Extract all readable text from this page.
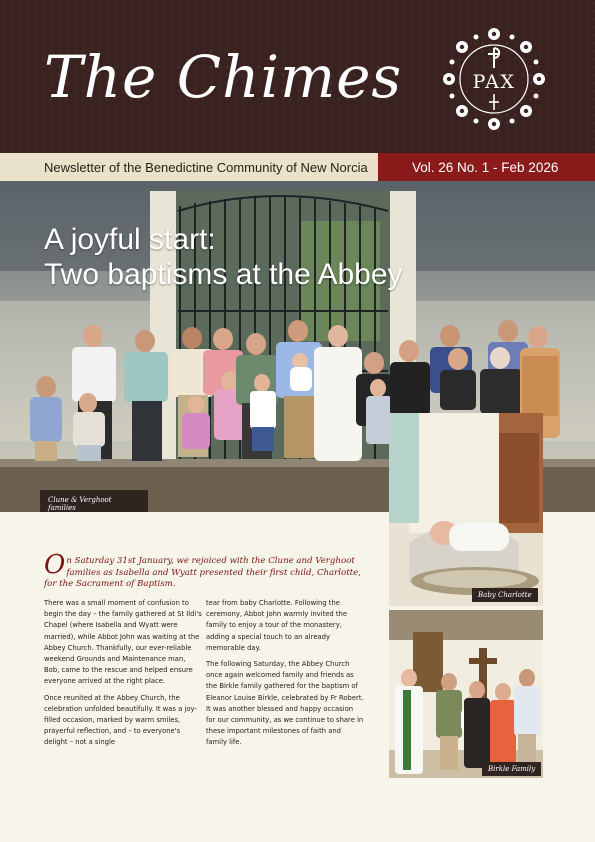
The Chimes	PAX
Newsletter of the Benedictine Community of New Norcia	Vol. 26 No. 1 - Feb 2026
A joyful start:
Two baptisms at the Abbey
Clune & Verghoot families
Baby Charlotte
Birkle Family

On Saturday 31st January, we rejoiced with the Clune and Verghoot families as Isabella and Wyatt presented their first child, Charlotte, for the Sacrament of Baptism.

There was a small moment of confusion to begin the day – the family gathered at St Ildi's Chapel (where Isabella and Wyatt were married), while Abbot John was waiting at the Abbey Church. Thankfully, our ever-reliable weekend Grounds and Maintenance man, Bob, came to the rescue and helped ensure everyone arrived at the right place.

Once reunited at the Abbey Church, the celebration unfolded beautifully. It was a joy-filled occasion, marked by warm smiles, prayerful reflection, and – to everyone's delight – not a single

tear from baby Charlotte. Following the ceremony, Abbot John warmly invited the family to enjoy a tour of the monastery, adding a special touch to an already memorable day.

The following Saturday, the Abbey Church once again welcomed family and friends as the Birkle family gathered for the baptism of Eleanor Louise Birkle, celebrated by Fr Robert. It was another blessed and happy occasion for our community, as we continue to share in these important milestones of faith and family life.
